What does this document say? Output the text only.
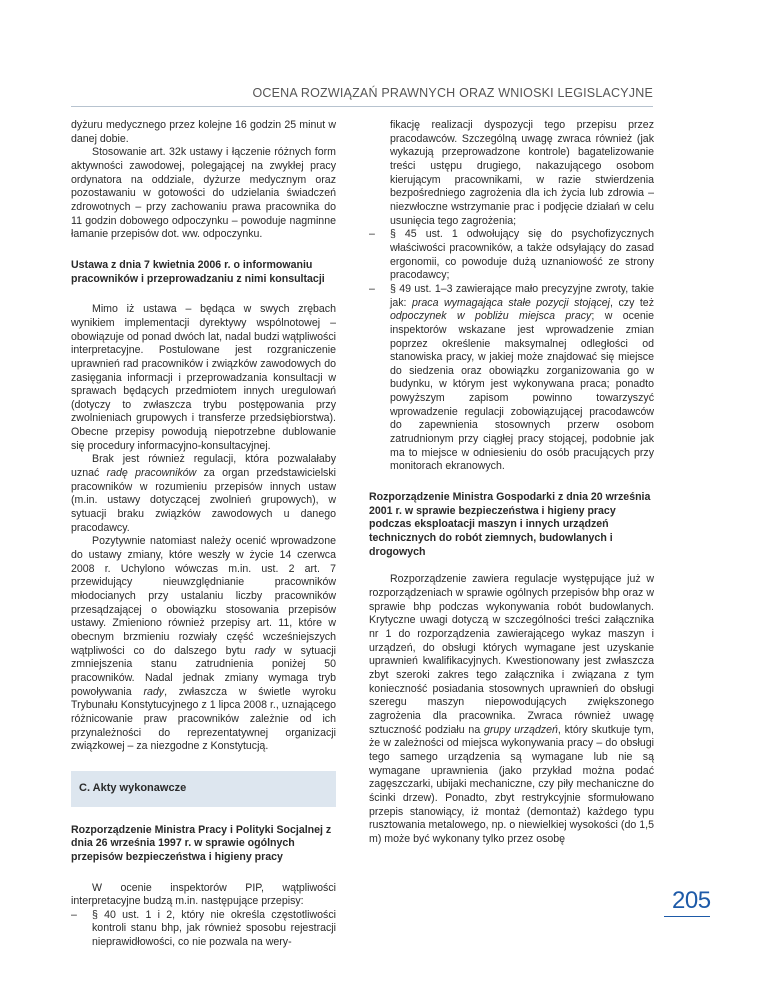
OCENA ROZWIĄZAŃ PRAWNYCH ORAZ WNIOSKI LEGISLACYJNE

dyżuru medycznego przez kolejne 16 godzin 25 minut w danej dobie.

Stosowanie art. 32k ustawy i łączenie różnych form aktywności zawodowej, polegającej na zwykłej pracy ordynatora na oddziale, dyżurze medycznym oraz pozostawaniu w gotowości do udzielania świadczeń zdrowotnych – przy zachowaniu prawa pracownika do 11 godzin dobowego odpoczynku – powoduje nagminne łamanie przepisów dot. ww. odpoczynku.

Ustawa z dnia 7 kwietnia 2006 r. o informowaniu pracowników i przeprowadzaniu z nimi konsultacji

Mimo iż ustawa – będąca w swych zrębach wynikiem implementacji dyrektywy wspólnotowej – obowiązuje od ponad dwóch lat, nadal budzi wątpliwości interpretacyjne. Postulowane jest rozgraniczenie uprawnień rad pracowników i związków zawodowych do zasięgania informacji i przeprowadzania konsultacji w sprawach będących przedmiotem innych uregulowań (dotyczy to zwłaszcza trybu postępowania przy zwolnieniach grupowych i transferze przedsiębiorstwa). Obecne przepisy powodują niepotrzebne dublowanie się procedury informacyjno-konsultacyjnej.

Brak jest również regulacji, która pozwalałaby uznać radę pracowników za organ przedstawicielski pracowników w rozumieniu przepisów innych ustaw (m.in. ustawy dotyczącej zwolnień grupowych), w sytuacji braku związków zawodowych u danego pracodawcy.

Pozytywnie natomiast należy ocenić wprowadzone do ustawy zmiany, które weszły w życie 14 czerwca 2008 r. Uchylono wówczas m.in. ust. 2 art. 7 przewidujący nieuwzględnianie pracowników młodocianych przy ustalaniu liczby pracowników przesądzającej o obowiązku stosowania przepisów ustawy. Zmieniono również przepisy art. 11, które w obecnym brzmieniu rozwiały część wcześniejszych wątpliwości co do dalszego bytu rady w sytuacji zmniejszenia stanu zatrudnienia poniżej 50 pracowników. Nadal jednak zmiany wymaga tryb powoływania rady, zwłaszcza w świetle wyroku Trybunału Konstytucyjnego z 1 lipca 2008 r., uznającego różnicowanie praw pracowników zależnie od ich przynależności do reprezentatywnej organizacji związkowej – za niezgodne z Konstytucją.

C. Akty wykonawcze

Rozporządzenie Ministra Pracy i Polityki Socjalnej z dnia 26 września 1997 r. w sprawie ogólnych przepisów bezpieczeństwa i higieny pracy

W ocenie inspektorów PIP, wątpliwości interpretacyjne budzą m.in. następujące przepisy:

– § 40 ust. 1 i 2, który nie określa częstotliwości kontroli stanu bhp, jak również sposobu rejestracji nieprawidłowości, co nie pozwala na wery-
fikację realizacji dyspozycji tego przepisu przez pracodawców. Szczególną uwagę zwraca również (jak wykazują przeprowadzone kontrole) bagatelizowanie treści ustępu drugiego, nakazującego osobom kierującym pracownikami, w razie stwierdzenia bezpośredniego zagrożenia dla ich życia lub zdrowia – niezwłoczne wstrzymanie prac i podjęcie działań w celu usunięcia tego zagrożenia;
– § 45 ust. 1 odwołujący się do psychofizycznych właściwości pracowników, a także odsyłający do zasad ergonomii, co powoduje dużą uznaniowość ze strony pracodawcy;
– § 49 ust. 1–3 zawierające mało precyzyjne zwroty, takie jak: praca wymagająca stałe pozycji stojącej, czy też odpoczynek w pobliżu miejsca pracy; w ocenie inspektorów wskazane jest wprowadzenie zmian poprzez określenie maksymalnej odległości od stanowiska pracy, w jakiej może znajdować się miejsce do siedzenia oraz obowiązku zorganizowania go w budynku, w którym jest wykonywana praca; ponadto powyższym zapisom powinno towarzyszyć wprowadzenie regulacji zobowiązującej pracodawców do zapewnienia stosownych przerw osobom zatrudnionym przy ciągłej pracy stojącej, podobnie jak ma to miejsce w odniesieniu do osób pracujących przy monitorach ekranowych.

Rozporządzenie Ministra Gospodarki z dnia 20 września 2001 r. w sprawie bezpieczeństwa i higieny pracy podczas eksploatacji maszyn i innych urządzeń technicznych do robót ziemnych, budowlanych i drogowych

Rozporządzenie zawiera regulacje występujące już w rozporządzeniach w sprawie ogólnych przepisów bhp oraz w sprawie bhp podczas wykonywania robót budowlanych. Krytyczne uwagi dotyczą w szczególności treści załącznika nr 1 do rozporządzenia zawierającego wykaz maszyn i urządzeń, do obsługi których wymagane jest uzyskanie uprawnień kwalifikacyjnych. Kwestionowany jest zwłaszcza zbyt szeroki zakres tego załącznika i związana z tym konieczność posiadania stosownych uprawnień do obsługi szeregu maszyn niepowodujących zwiększonego zagrożenia dla pracownika. Zwraca również uwagę sztuczność podziału na grupy urządzeń, który skutkuje tym, że w zależności od miejsca wykonywania pracy – do obsługi tego samego urządzenia są wymagane lub nie są wymagane uprawnienia (jako przykład można podać zagęszczarki, ubijaki mechaniczne, czy piły mechaniczne do ścinki drzew). Ponadto, zbyt restrykcyjnie sformułowano przepis stanowiący, iż montaż (demontaż) każdego typu rusztowania metalowego, np. o niewielkiej wysokości (do 1,5 m) może być wykonany tylko przez osobę

205
